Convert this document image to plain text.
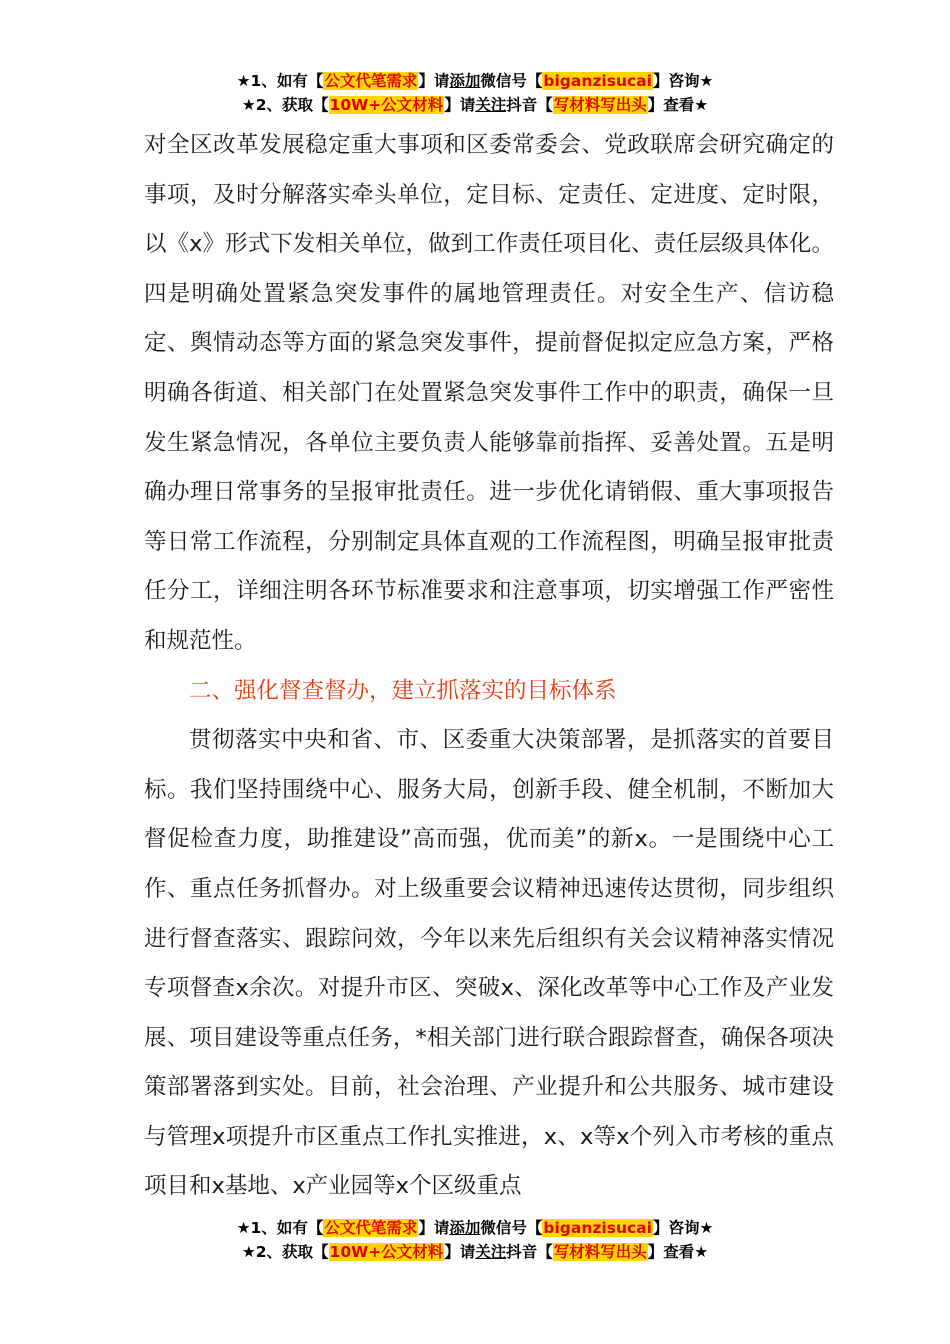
★1、如有【公文代笔需求】请添加微信号【biganzisucai】咨询★
★2、获取【10W+公文材料】请关注抖音【写材料写出头】查看★

对全区改革发展稳定重大事项和区委常委会、党政联席会研究确定的事项，及时分解落实牵头单位，定目标、定责任、定进度、定时限，以《x》形式下发相关单位，做到工作责任项目化、责任层级具体化。四是明确处置紧急突发事件的属地管理责任。对安全生产、信访稳定、舆情动态等方面的紧急突发事件，提前督促拟定应急方案，严格明确各街道、相关部门在处置紧急突发事件工作中的职责，确保一旦发生紧急情况，各单位主要负责人能够靠前指挥、妥善处置。五是明确办理日常事务的呈报审批责任。进一步优化请销假、重大事项报告等日常工作流程，分别制定具体直观的工作流程图，明确呈报审批责任分工，详细注明各环节标准要求和注意事项，切实增强工作严密性和规范性。

二、强化督查督办，建立抓落实的目标体系

贯彻落实中央和省、市、区委重大决策部署，是抓落实的首要目标。我们坚持围绕中心、服务大局，创新手段、健全机制，不断加大督促检查力度，助推建设”高而强，优而美”的新x。一是围绕中心工作、重点任务抓督办。对上级重要会议精神迅速传达贯彻，同步组织进行督查落实、跟踪问效，今年以来先后组织有关会议精神落实情况专项督查x余次。对提升市区、突破x、深化改革等中心工作及产业发展、项目建设等重点任务，*相关部门进行联合跟踪督查，确保各项决策部署落到实处。目前，社会治理、产业提升和公共服务、城市建设与管理x项提升市区重点工作扎实推进，x、x等x个列入市考核的重点项目和x基地、x产业园等x个区级重点

★1、如有【公文代笔需求】请添加微信号【biganzisucai】咨询★
★2、获取【10W+公文材料】请关注抖音【写材料写出头】查看★
